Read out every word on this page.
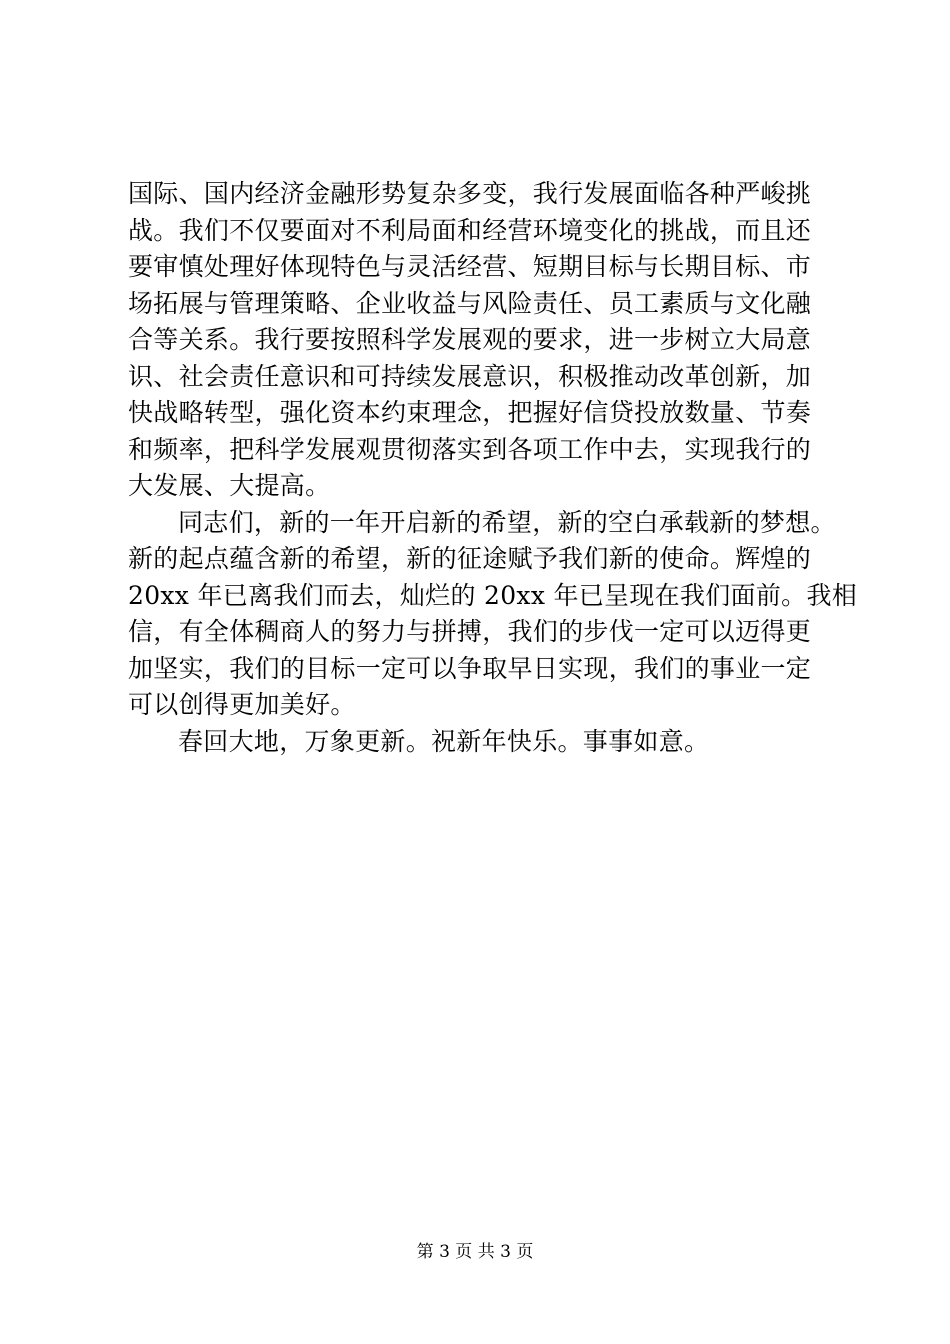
国际、国内经济金融形势复杂多变，我行发展面临各种严峻挑
战。我们不仅要面对不利局面和经营环境变化的挑战，而且还
要审慎处理好体现特色与灵活经营、短期目标与长期目标、市
场拓展与管理策略、企业收益与风险责任、员工素质与文化融
合等关系。我行要按照科学发展观的要求，进一步树立大局意
识、社会责任意识和可持续发展意识，积极推动改革创新，加
快战略转型，强化资本约束理念，把握好信贷投放数量、节奏
和频率，把科学发展观贯彻落实到各项工作中去，实现我行的
大发展、大提高。
同志们，新的一年开启新的希望，新的空白承载新的梦想。
新的起点蕴含新的希望，新的征途赋予我们新的使命。辉煌的
20xx 年已离我们而去，灿烂的 20xx 年已呈现在我们面前。我相
信，有全体稠商人的努力与拼搏，我们的步伐一定可以迈得更
加坚实，我们的目标一定可以争取早日实现，我们的事业一定
可以创得更加美好。
春回大地，万象更新。祝新年快乐。事事如意。
第 3 页 共 3 页
